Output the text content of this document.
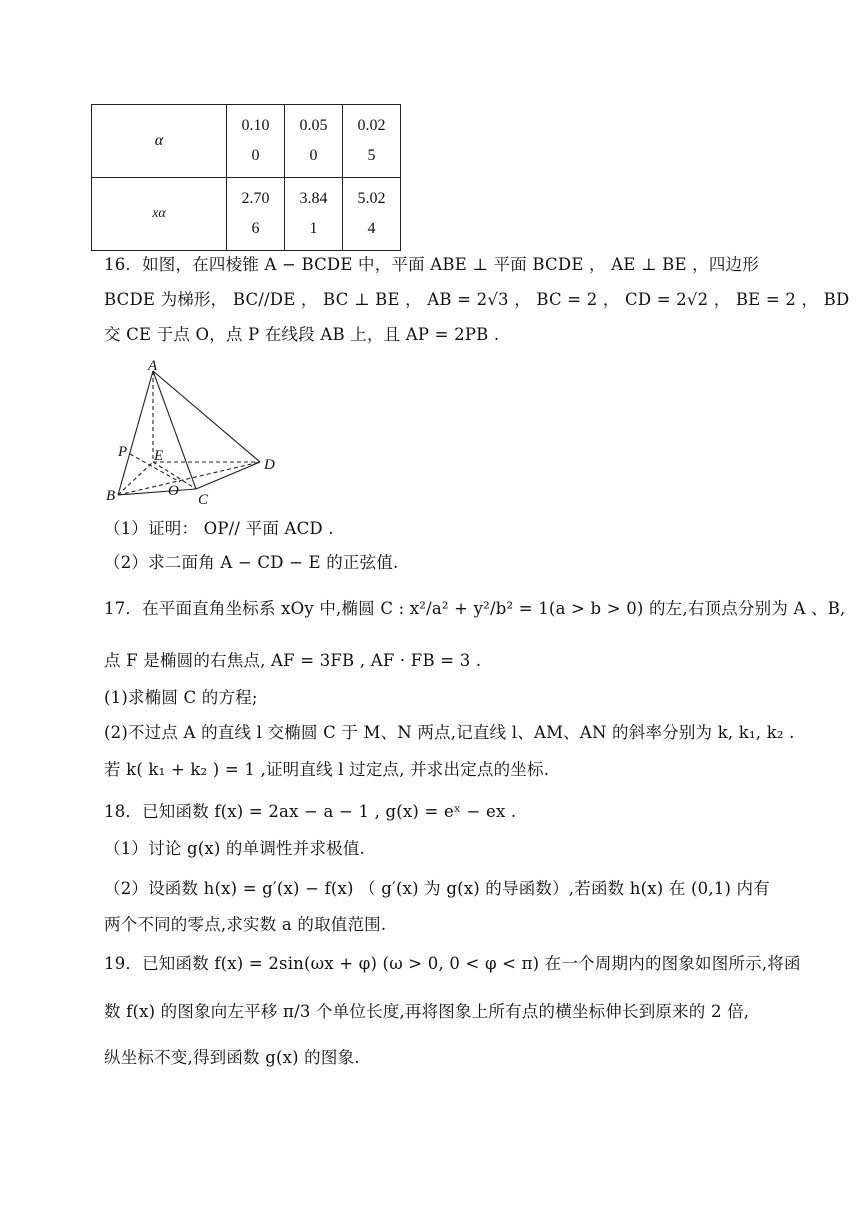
α	0.100	0.050	0.025

xα	2.706	3.841	5.024
16．如图，在四棱锥 A − BCDE 中，平面 ABE ⊥ 平面 BCDE ， AE ⊥ BE ，四边形
BCDE 为梯形， BC//DE ， BC ⊥ BE ， AB = 2√3 ， BC = 2 ， CD = 2√2 ， BE = 2 ， BD
交 CE 于点 O，点 P 在线段 AB 上，且 AP = 2PB .
A
B	C
D
E
O
P
（1）证明： OP// 平面 ACD .
（2）求二面角 A − CD − E 的正弦值.
17．在平面直角坐标系 xOy 中,椭圆 C : x²/a² + y²/b² = 1(a > b > 0) 的左,右顶点分别为 A 、B,
点 F 是椭圆的右焦点, AF = 3FB , AF · FB = 3 .
(1)求椭圆 C 的方程;
(2)不过点 A 的直线 l 交椭圆 C 于 M、N 两点,记直线 l、AM、AN 的斜率分别为 k, k₁, k₂ .
若 k( k₁ + k₂ ) = 1 ,证明直线 l 过定点, 并求出定点的坐标.
18．已知函数 f(x) = 2ax − a − 1 , g(x) = eˣ − ex .
（1）讨论 g(x) 的单调性并求极值.
（2）设函数 h(x) = g′(x) − f(x) （ g′(x) 为 g(x) 的导函数）,若函数 h(x) 在 (0,1) 内有
两个不同的零点,求实数 a 的取值范围.
19．已知函数 f(x) = 2sin(ωx + φ) (ω > 0, 0 < φ < π) 在一个周期内的图象如图所示,将函
数 f(x) 的图象向左平移 π/3 个单位长度,再将图象上所有点的横坐标伸长到原来的 2 倍,
纵坐标不变,得到函数 g(x) 的图象.
